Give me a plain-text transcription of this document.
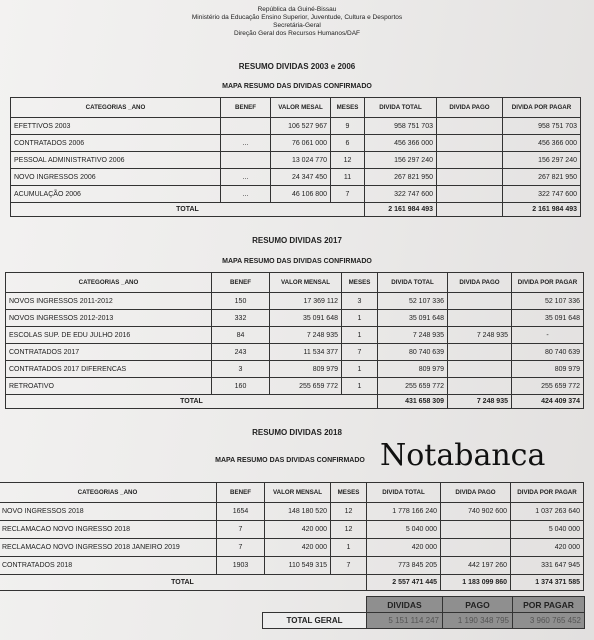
República da Guiné-Bissau
Ministério da Educação Ensino Superior, Juventude, Cultura e Desportos
Secretária-Geral
Direção Geral dos Recursos Humanos/DAF
RESUMO DIVIDAS 2003 e 2006
MAPA RESUMO DAS DIVIDAS CONFIRMADO
CATEGORIAS _ANO	BENEF	VALOR MESAL	MESES	DIVIDA TOTAL	DIVIDA PAGO	DIVIDA POR PAGAR
EFETTIVOS 2003		106 527 967	9	958 751 703		958 751 703
CONTRATADOS 2006	...	76 061 000	6	456 366 000		456 366 000
PESSOAL ADMINISTRATIVO 2006		13 024 770	12	156 297 240		156 297 240
NOVO INGRESSOS 2006	...	24 347 450	11	267 821 950		267 821 950
ACUMULAÇÃO 2006	...	46 106 800	7	322 747 600		322 747 600
TOTAL				2 161 984 493		2 161 984 493
RESUMO DIVIDAS 2017
MAPA RESUMO DAS DIVIDAS CONFIRMADO
CATEGORIAS _ANO	BENEF	VALOR MENSAL	MESES	DIVIDA TOTAL	DIVIDA PAGO	DIVIDA POR PAGAR
NOVOS INGRESSOS 2011-2012	150	17 369 112	3	52 107 336		52 107 336
NOVOS INGRESSOS 2012-2013	332	35 091 648	1	35 091 648		35 091 648
ESCOLAS SUP. DE EDU JULHO 2016	84	7 248 935	1	7 248 935	7 248 935	-
CONTRATADOS 2017	243	11 534 377	7	80 740 639		80 740 639
CONTRATADOS 2017 DIFERENCAS	3	809 979	1	809 979		809 979
RETROATIVO	160	255 659 772	1	255 659 772		255 659 772
TOTAL				431 658 309	7 248 935	424 409 374
RESUMO DIVIDAS 2018
Notabanca
MAPA RESUMO DAS DIVIDAS CONFIRMADO
CATEGORIAS _ANO	BENEF	VALOR MENSAL	MESES	DIVIDA TOTAL	DIVIDA PAGO	DIVIDA POR PAGAR
NOVO INGRESSOS 2018	1654	148 180 520	12	1 778 166 240	740 902 600	1 037 263 640
RECLAMACAO NOVO INGRESSO 2018	7	420 000	12	5 040 000		5 040 000
RECLAMACAO NOVO INGRESSO 2018 JANEIRO 2019	7	420 000	1	420 000		420 000
CONTRATADOS 2018	1903	110 549 315	7	773 845 205	442 197 260	331 647 945
TOTAL				2 557 471 445	1 183 099 860	1 374 371 585
	DIVIDAS	PAGO	POR PAGAR
TOTAL GERAL	5 151 114 247	1 190 348 795	3 960 765 452
